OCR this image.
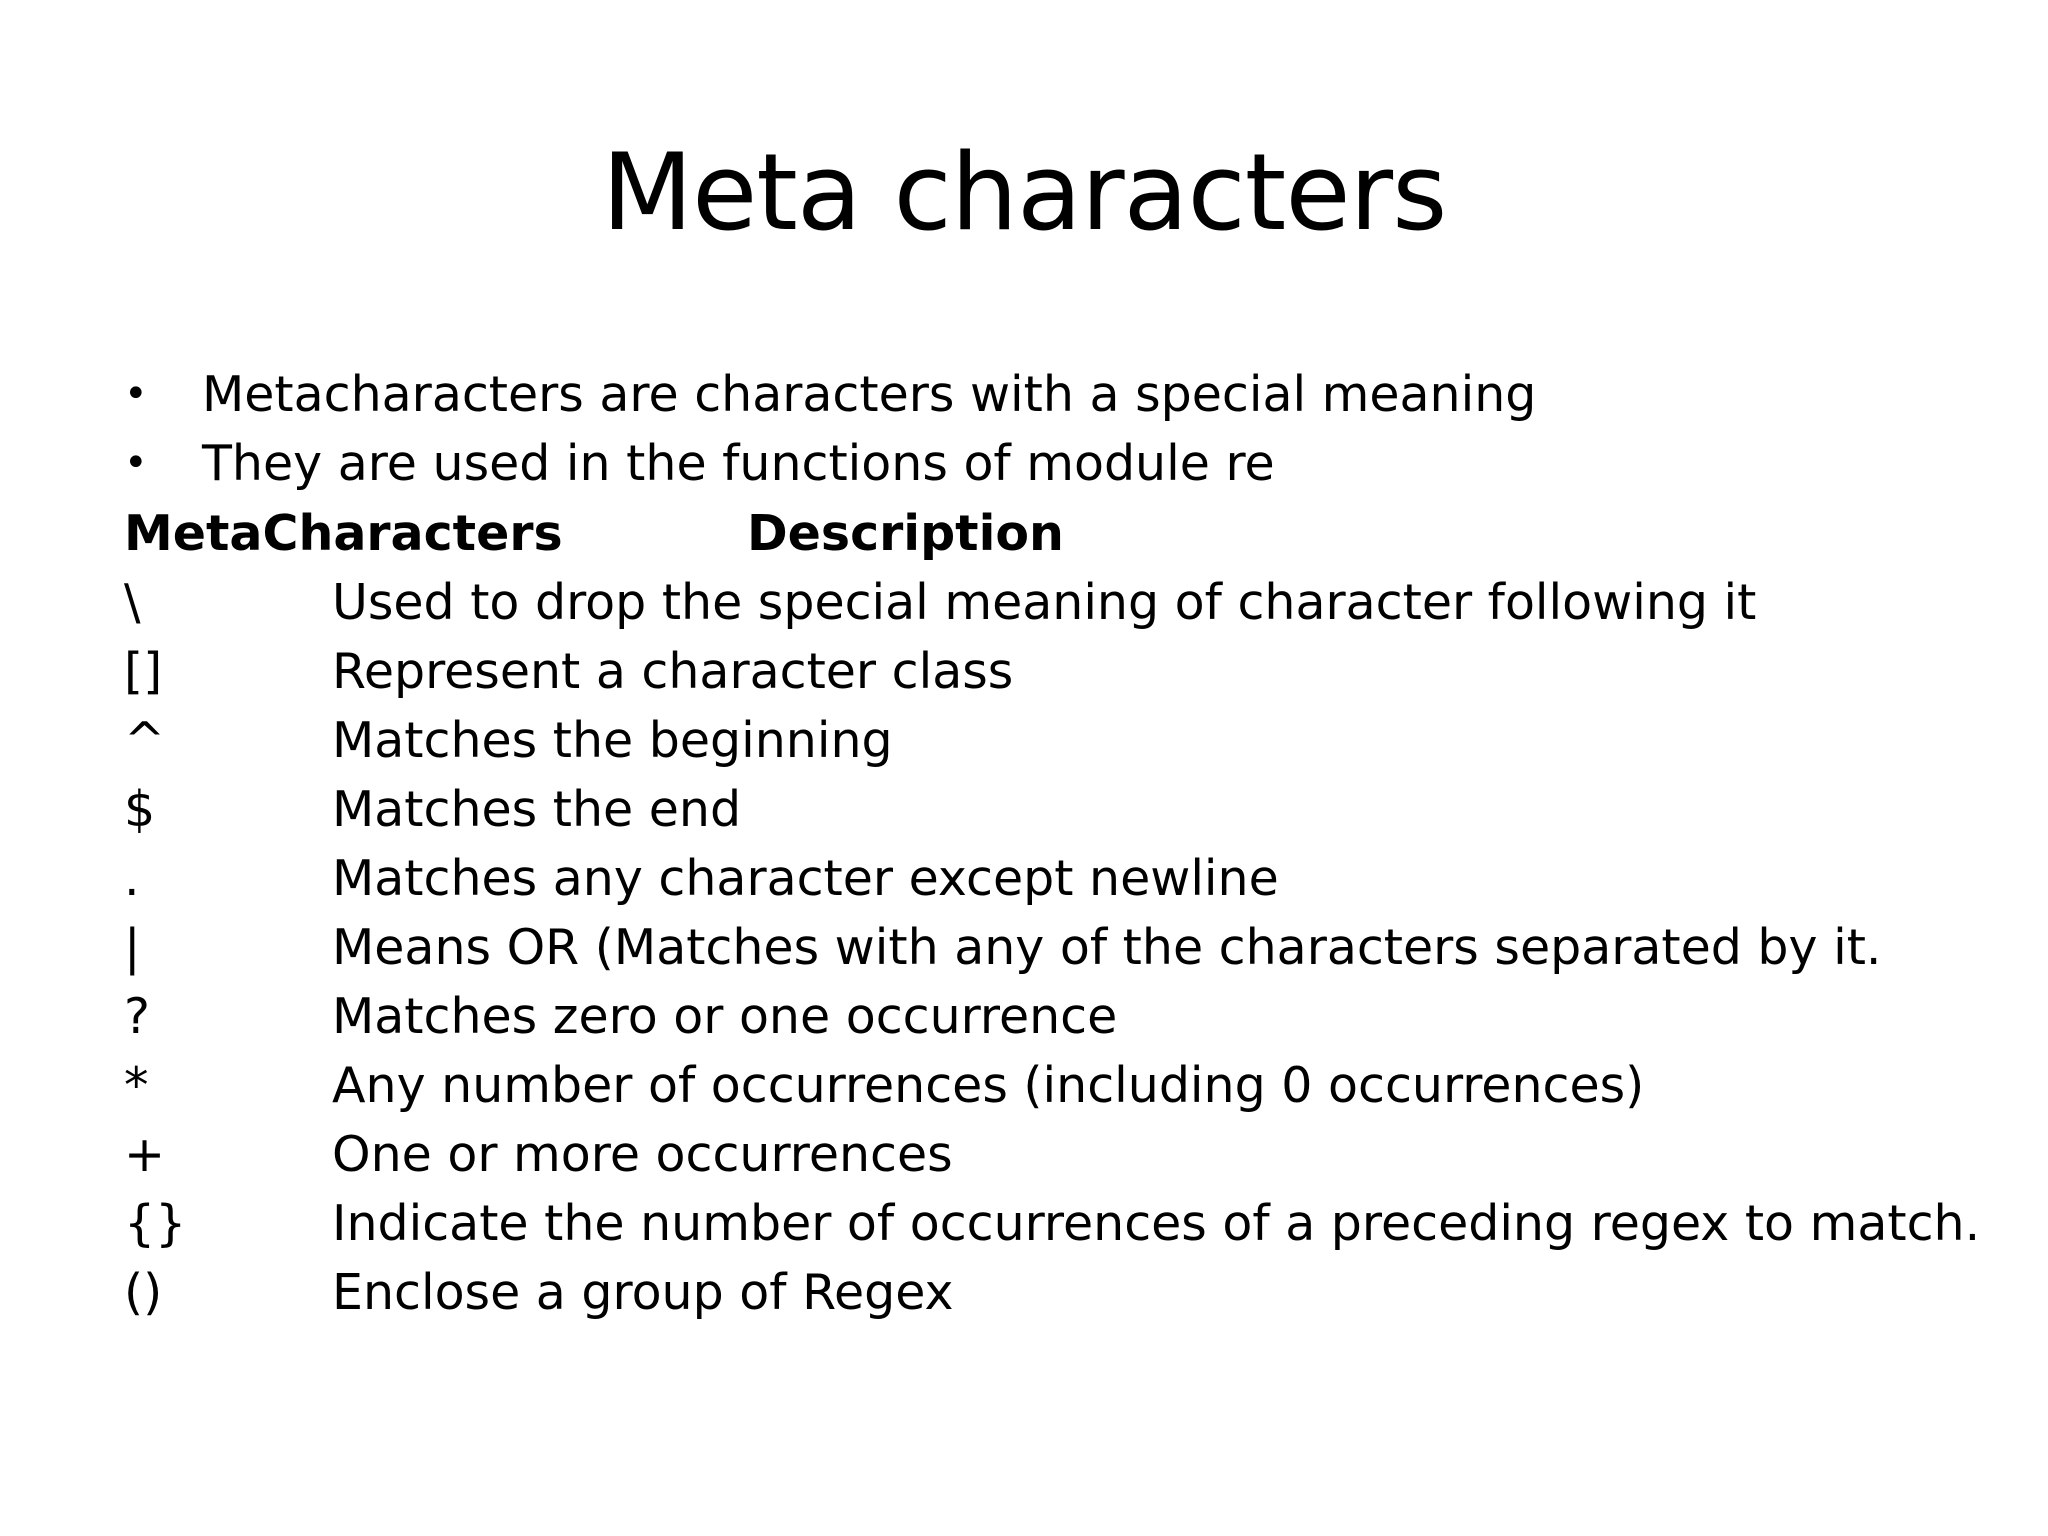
Meta characters
•	Metacharacters are characters with a special meaning
•	They are used in the functions of module re
MetaCharacters	Description
\	Used to drop the special meaning of character following it
[]	Represent a character class
^	Matches the beginning
$	Matches the end
.	Matches any character except newline
|	Means OR (Matches with any of the characters separated by it.
?	Matches zero or one occurrence
*	Any number of occurrences (including 0 occurrences)
+	One or more occurrences
{}	Indicate the number of occurrences of a preceding regex to match.
()	Enclose a group of Regex
